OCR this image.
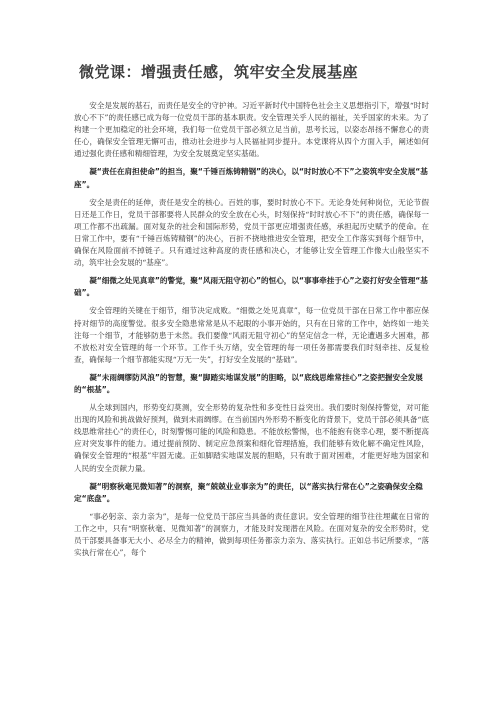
微党课：增强责任感，筑牢安全发展基座

安全是发展的基石，而责任是安全的守护神。习近平新时代中国特色社会主义思想指引下，增强“时时放心不下”的责任感已成为每一位党员干部的基本职责。安全管理关乎人民的福祉，关乎国家的未来。为了构建一个更加稳定的社会环境，我们每一位党员干部必须立足当前，思考长远，以姿态昂扬不懈怠心的责任心，确保安全管理无懈可击，推动社会进步与人民福祉同步提升。本党课将从四个方面入手，阐述如何通过强化责任感和精细管理，为安全发展奠定坚实基础。

凝“责任在肩担使命”的担当，聚“千锤百炼铸精钢”的决心，以“时时放心不下”之姿筑牢安全发展“基座”。

安全是责任的延伸，责任是安全的核心。百姓的事，要时时放心不下。无论身处何种岗位，无论节假日还是工作日，党员干部都要将人民群众的安全放在心头，时刻保持“时时放心不下”的责任感，确保每一项工作都不出疏漏。面对复杂的社会和国际形势，党员干部更应增强责任感，承担起历史赋予的使命。在日常工作中，要有“千锤百炼铸精钢”的决心，百折不挠地推进安全管理，把安全工作落实到每个细节中，确保在风险面前不掉链子。只有通过这种高度的责任感和决心，才能够让安全管理工作像大山般坚实不动，筑牢社会发展的“基座”。

凝“细微之处见真章”的警觉，聚“风雨无阻守初心”的恒心，以“事事牵挂于心”之姿打好安全管理“基础”。

安全管理的关键在于细节，细节决定成败。“细微之处见真章”，每一位党员干部在日常工作中都应保持对细节的高度警觉。很多安全隐患常常是从不起眼的小事开始的，只有在日常的工作中，始终如一地关注每一个细节，才能够防患于未然。我们要像“风雨无阻守初心”的坚定信念一样，无论遭遇多大困难，都不放松对安全管理的每一个环节。工作千头万绪，安全管理的每一项任务都需要我们时刻牵挂、反复检查，确保每一个细节都能实现“万无一失”，打好安全发展的“基础”。

凝“未雨绸缪防风浪”的智慧，聚“脚踏实地谋发展”的胆略，以“底线思维常挂心”之姿把握安全发展的“根基”。

从全球到国内，形势变幻莫测，安全形势的复杂性和多变性日益突出。我们要时刻保持警觉，对可能出现的风险和挑战做好预判，做到未雨绸缪。在当前国内外形势不断变化的背景下，党员干部必须具备“底线思维常挂心”的责任心，时刻警惕可能的风险和隐患。不能放松警惕，也不能抱有侥幸心理，要不断提高应对突发事件的能力。通过提前预防、制定应急预案和细化管理措施，我们能够有效化解不确定性风险，确保安全管理的“根基”牢固无虞。正如脚踏实地谋发展的胆略，只有敢于面对困难，才能更好地为国家和人民的安全贡献力量。

凝“明察秋毫见微知著”的洞察，聚“兢兢业业事亲为”的责任，以“落实执行常在心”之姿确保安全稳定“底盘”。

“事必躬亲、亲力亲为”，是每一位党员干部应当具备的责任意识。安全管理的细节往往埋藏在日常的工作之中，只有“明察秋毫、见微知著”的洞察力，才能及时发现潜在风险。在面对复杂的安全形势时，党员干部要具备事无大小、必尽全力的精神，做到每项任务都亲力亲为、落实执行。正如总书记所要求，“落实执行常在心”，每个
